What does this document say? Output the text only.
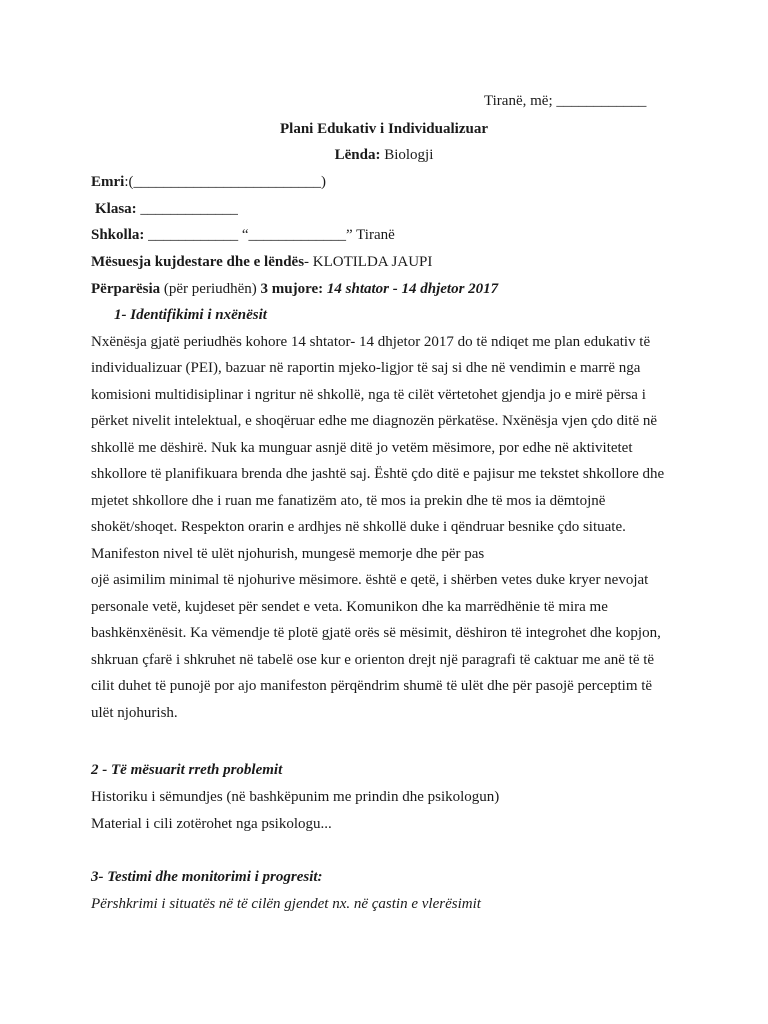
Tiranë, më; ____________
Plani Edukativ i Individualizuar
Lënda: Biologji
Emri:(_________________________)
Klasa: _____________
Shkolla: ____________ “_____________” Tiranë
Mësuesja kujdestare dhe e lëndës- KLOTILDA JAUPI
Përparësia (për periudhën) 3 mujore: 14 shtator - 14 dhjetor 2017
1- Identifikimi i nxënësit
Nxënësja gjatë periudhës kohore 14 shtator- 14 dhjetor 2017 do të ndiqet me plan edukativ të
individualizuar (PEI), bazuar në raportin mjeko-ligjor të saj si dhe në vendimin e marrë nga
komisioni multidisiplinar i ngritur në shkollë, nga të cilët vërtetohet gjendja jo e mirë përsa i
përket nivelit intelektual, e shoqëruar edhe me diagnozën përkatëse. Nxënësja vjen çdo ditë në
shkollë me dëshirë. Nuk ka munguar asnjë ditë jo vetëm mësimore, por edhe në aktivitetet
shkollore të planifikuara brenda dhe jashtë saj. Është çdo ditë e pajisur me tekstet shkollore dhe
mjetet shkollore dhe i ruan me fanatizëm ato, të mos ia prekin dhe të mos ia dëmtojnë
shokët/shoqet. Respekton orarin e ardhjes në shkollë duke i qëndruar besnike çdo situate.
Manifeston nivel të ulët njohurish, mungesë memorje dhe për pas
ojë asimilim minimal të njohurive mësimore. është e qetë, i shërben vetes duke kryer nevojat
personale vetë, kujdeset për sendet e veta. Komunikon dhe ka marrëdhënie të mira me
bashkënxënësit. Ka vëmendje të plotë gjatë orës së mësimit, dëshiron të integrohet dhe kopjon,
shkruan çfarë i shkruhet në tabelë ose kur e orienton drejt një paragrafi të caktuar me anë të të
cilit duhet të punojë por ajo manifeston përqëndrim shumë të ulët dhe për pasojë perceptim të
ulët njohurish.
2 - Të mësuarit rreth problemit
Historiku i sëmundjes (në bashkëpunim me prindin dhe psikologun)
Material i cili zotërohet nga psikologu...
3- Testimi dhe monitorimi i progresit:
Përshkrimi i situatës në të cilën gjendet nx. në çastin e vlerësimit
